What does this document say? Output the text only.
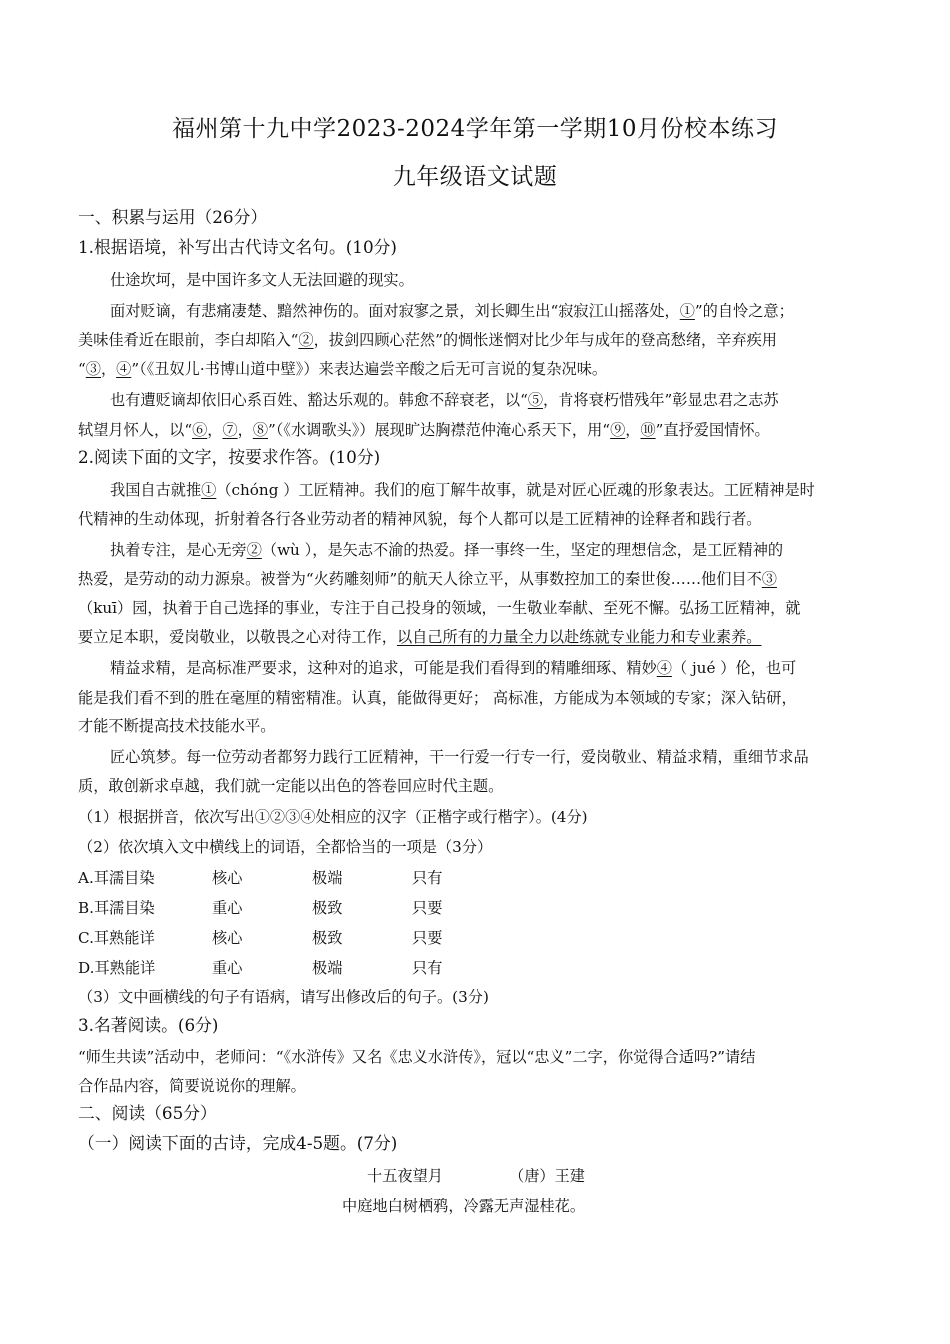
福州第十九中学2023-2024学年第一学期10月份校本练习
九年级语文试题
一、积累与运用（26分）
1.根据语境，补写出古代诗文名句。(10分)
仕途坎坷，是中国许多文人无法回避的现实。
面对贬谪，有悲痛凄楚、黯然神伤的。面对寂寥之景，刘长卿生出“寂寂江山摇落处，①”的自怜之意；
美味佳肴近在眼前，李白却陷入“②，拔剑四顾心茫然”的惆怅迷惘对比少年与成年的登高愁绪，辛弃疾用
“③，④”（《丑奴儿·书博山道中壁》）来表达遍尝辛酸之后无可言说的复杂况味。
也有遭贬谪却依旧心系百姓、豁达乐观的。韩愈不辞衰老，以“⑤，肯将衰朽惜残年”彰显忠君之志苏
轼望月怀人，以“⑥，⑦，⑧”（《水调歌头》）展现旷达胸襟范仲淹心系天下，用“⑨，⑩”直抒爱国情怀。
2.阅读下面的文字，按要求作答。(10分)
我国自古就推①（chóng ）工匠精神。我们的庖丁解牛故事，就是对匠心匠魂的形象表达。工匠精神是时
代精神的生动体现，折射着各行各业劳动者的精神风貌，每个人都可以是工匠精神的诠释者和践行者。
执着专注，是心无旁②（wù ），是矢志不渝的热爱。择一事终一生，坚定的理想信念，是工匠精神的
热爱，是劳动的动力源泉。被誉为“火药雕刻师”的航天人徐立平，从事数控加工的秦世俊……他们目不③
（kuī）园，执着于自己选择的事业，专注于自己投身的领域，一生敬业奉献、至死不懈。弘扬工匠精神，就
要立足本职，爱岗敬业，以敬畏之心对待工作，以自己所有的力量全力以赴练就专业能力和专业素养。
精益求精，是高标准严要求，这种对的追求，可能是我们看得到的精雕细琢、精妙④（ jué ）伦，也可
能是我们看不到的胜在毫厘的精密精准。认真，能做得更好； 高标准，方能成为本领域的专家；深入钻研，
才能不断提高技术技能水平。
匠心筑梦。每一位劳动者都努力践行工匠精神，干一行爱一行专一行，爱岗敬业、精益求精，重细节求品
质，敢创新求卓越，我们就一定能以出色的答卷回应时代主题。
（1）根据拼音，依次写出①②③④处相应的汉字（正楷字或行楷字）。(4分)
（2）依次填入文中横线上的词语，全都恰当的一项是（3分）
A.耳濡目染	核心	极端	只有
B.耳濡目染	重心	极致	只要
C.耳熟能详	核心	极致	只要
D.耳熟能详	重心	极端	只有
（3）文中画横线的句子有语病，请写出修改后的句子。(3分)
3.名著阅读。(6分)
“师生共读”活动中，老师问：“《水浒传》又名《忠义水浒传》，冠以“忠义”二字，你觉得合适吗?”请结
合作品内容，简要说说你的理解。
二、阅读（65分）
（一）阅读下面的古诗，完成4-5题。(7分)
十五夜望月	（唐）王建
中庭地白树栖鸦，冷露无声湿桂花。
